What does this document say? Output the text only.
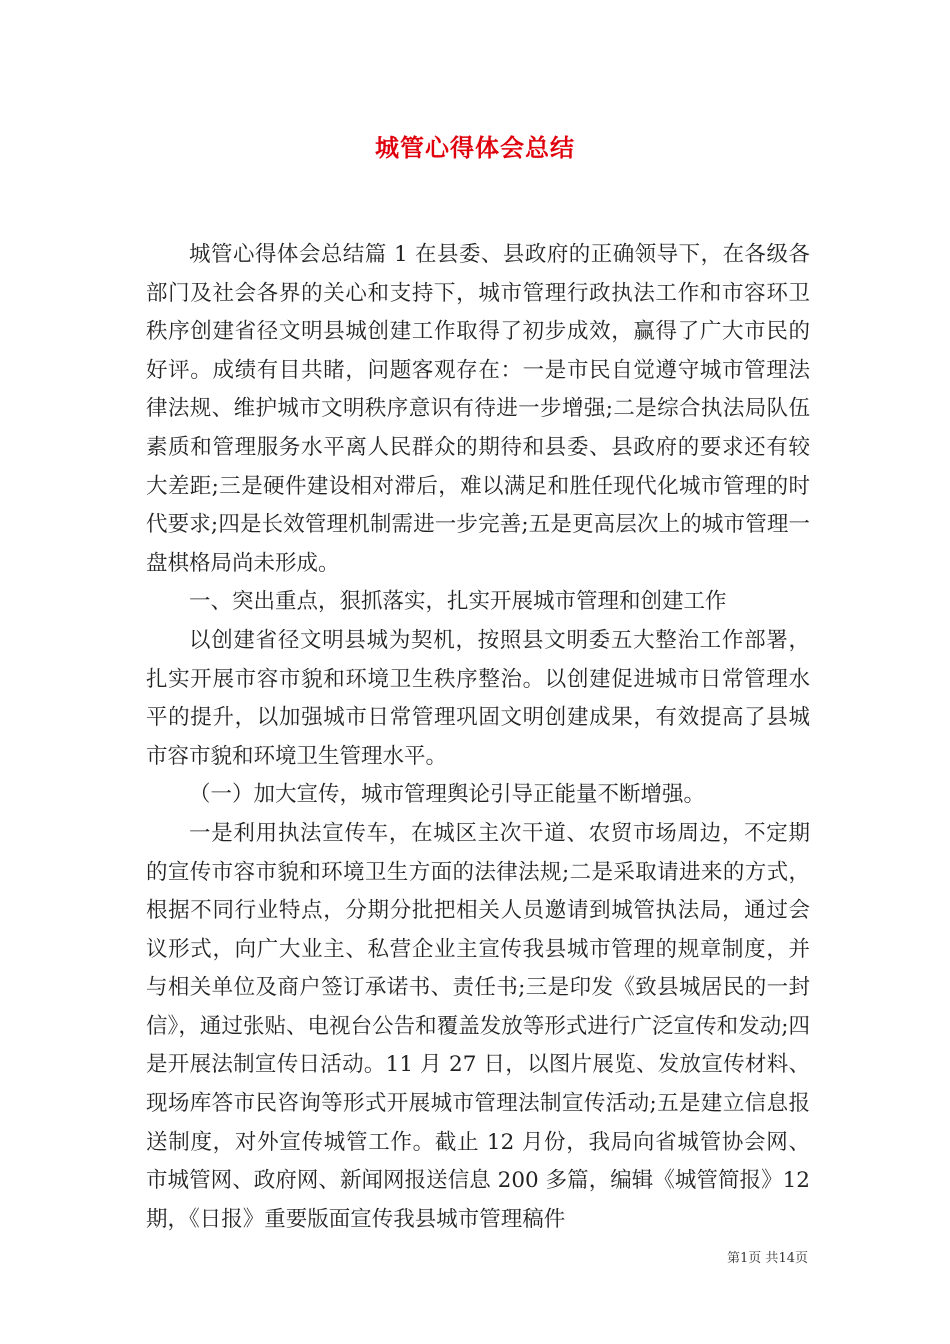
城管心得体会总结

城管心得体会总结篇 1 在县委、县政府的正确领导下，在各级各部门及社会各界的关心和支持下，城市管理行政执法工作和市容环卫秩序创建省径文明县城创建工作取得了初步成效，赢得了广大市民的好评。成绩有目共睹，问题客观存在：一是市民自觉遵守城市管理法律法规、维护城市文明秩序意识有待进一步增强;二是综合执法局队伍素质和管理服务水平离人民群众的期待和县委、县政府的要求还有较大差距;三是硬件建设相对滞后，难以满足和胜任现代化城市管理的时代要求;四是长效管理机制需进一步完善;五是更高层次上的城市管理一盘棋格局尚未形成。

一、突出重点，狠抓落实，扎实开展城市管理和创建工作

以创建省径文明县城为契机，按照县文明委五大整治工作部署，扎实开展市容市貌和环境卫生秩序整治。以创建促进城市日常管理水平的提升，以加强城市日常管理巩固文明创建成果，有效提高了县城市容市貌和环境卫生管理水平。

（一）加大宣传，城市管理舆论引导正能量不断增强。

一是利用执法宣传车，在城区主次干道、农贸市场周边，不定期的宣传市容市貌和环境卫生方面的法律法规;二是采取请进来的方式，根据不同行业特点，分期分批把相关人员邀请到城管执法局，通过会议形式，向广大业主、私营企业主宣传我县城市管理的规章制度，并与相关单位及商户签订承诺书、责任书;三是印发《致县城居民的一封信》，通过张贴、电视台公告和覆盖发放等形式进行广泛宣传和发动;四是开展法制宣传日活动。11 月 27 日，以图片展览、发放宣传材料、现场库答市民咨询等形式开展城市管理法制宣传活动;五是建立信息报送制度，对外宣传城管工作。截止 12 月份，我局向省城管协会网、市城管网、政府网、新闻网报送信息 200 多篇，编辑《城管简报》12 期，《日报》重要版面宣传我县城市管理稿件

第1页 共14页
